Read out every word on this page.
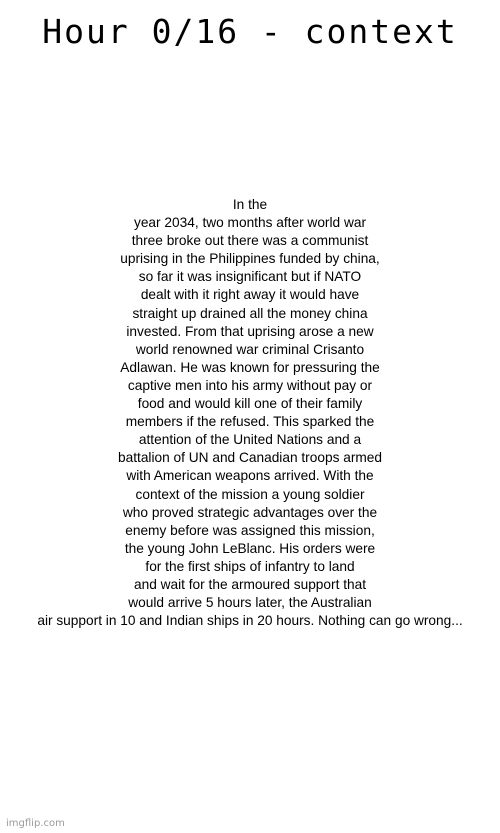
Hour 0/16 - context
In the
year 2034, two months after world war
three broke out there was a communist
uprising in the Philippines funded by china,
so far it was insignificant but if NATO
dealt with it right away it would have
straight up drained all the money china
invested. From that uprising arose a new
world renowned war criminal Crisanto
Adlawan. He was known for pressuring the
captive men into his army without pay or
food and would kill one of their family
members if the refused. This sparked the
attention of the United Nations and a
battalion of UN and Canadian troops armed
with American weapons arrived. With the
context of the mission a young soldier
who proved strategic advantages over the
enemy before was assigned this mission,
the young John LeBlanc. His orders were
for the first ships of infantry to land
and wait for the armoured support that
would arrive 5 hours later, the Australian
air support in 10 and Indian ships in 20 hours. Nothing can go wrong...
imgflip.com
